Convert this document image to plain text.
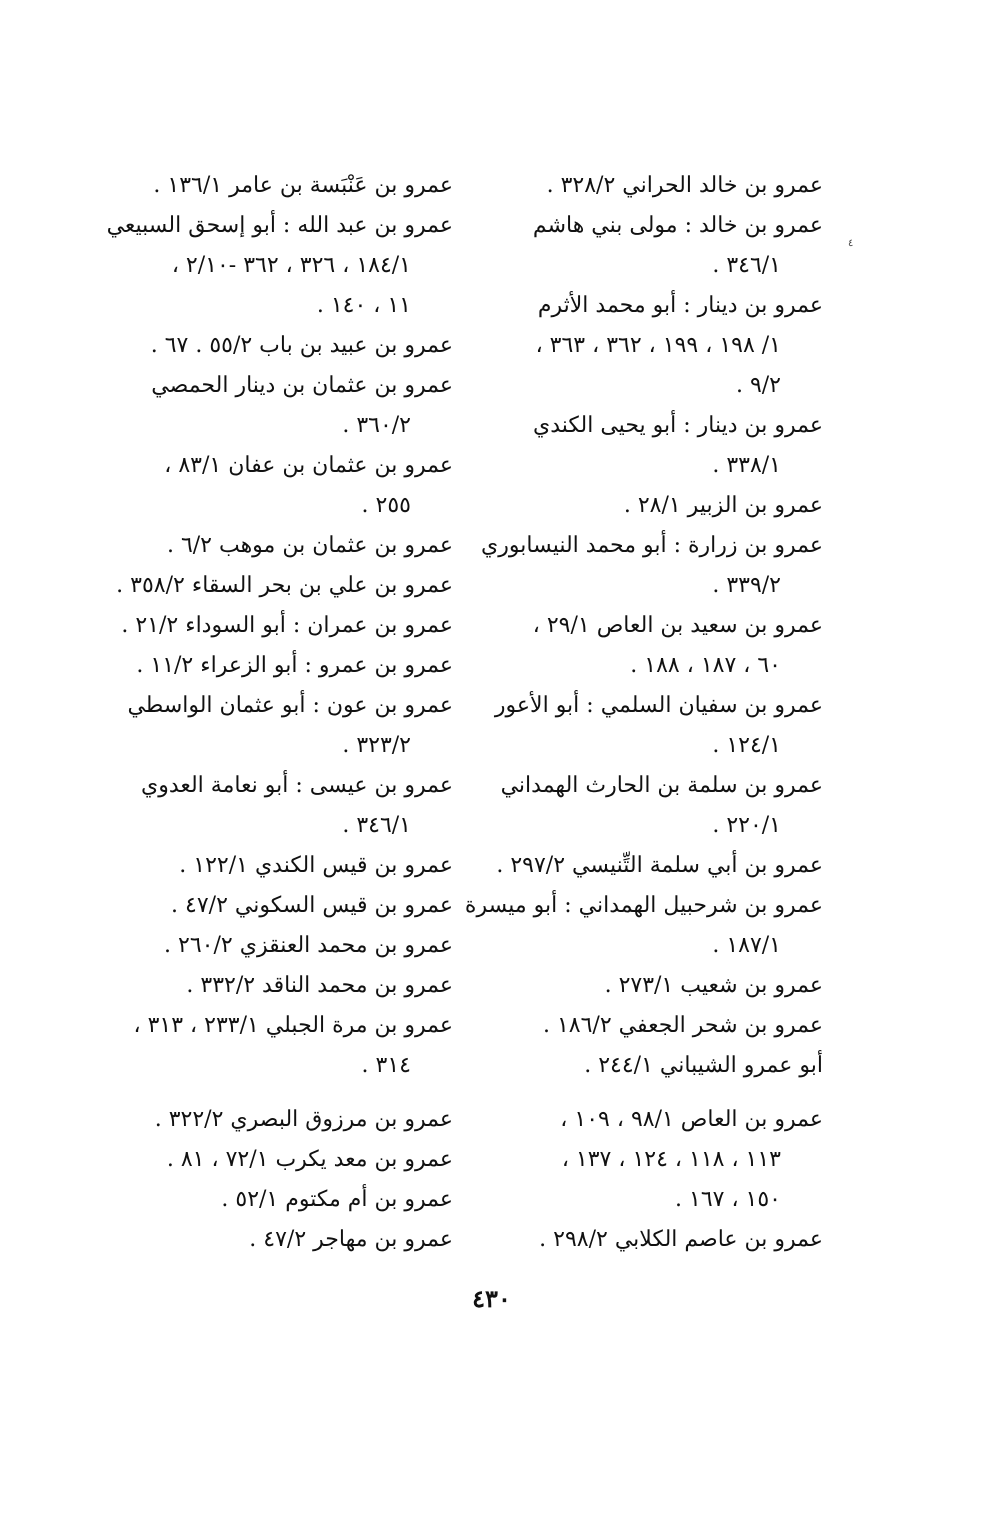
عمرو بن خالد الحراني ٣٢٨/٢ .
عمرو بن خالد : مولى بني هاشم
٣٤٦/١ .
عمرو بن دينار : أبو محمد الأثرم
١/ ١٩٨ ، ١٩٩ ، ٣٦٢ ، ٣٦٣ ،
٩/٢ .
عمرو بن دينار : أبو يحيى الكندي
٣٣٨/١ .
عمرو بن الزبير ٢٨/١ .
عمرو بن زرارة : أبو محمد النيسابوري
٣٣٩/٢ .
عمرو بن سعيد بن العاص ٢٩/١ ،
٦٠ ، ١٨٧ ، ١٨٨ .
عمرو بن سفيان السلمي : أبو الأعور
١٢٤/١ .
عمرو بن سلمة بن الحارث الهمداني
٢٢٠/١ .
عمرو بن أبي سلمة التِّنيسي ٢٩٧/٢ .
عمرو بن شرحبيل الهمداني : أبو ميسرة
١٨٧/١ .
عمرو بن شعيب ٢٧٣/١ .
عمرو بن شحر الجعفي ١٨٦/٢ .
أبو عمرو الشيباني ٢٤٤/١ .
عمرو بن العاص ٩٨/١ ، ١٠٩ ،
١١٣ ، ١١٨ ، ١٢٤ ، ١٣٧ ،
١٥٠ ، ١٦٧ .
عمرو بن عاصم الكلابي ٢٩٨/٢ .
عمرو بن عَنْبَسة بن عامر ١٣٦/١ .
عمرو بن عبد الله : أبو إسحق السبيعي
١٨٤/١ ، ٣٢٦ ، ٣٦٢ -٢/١٠ ،
١١ ، ١٤٠ .
عمرو بن عبيد بن باب ٥٥/٢ . ٦٧ .
عمرو بن عثمان بن دينار الحمصي
٣٦٠/٢ .
عمرو بن عثمان بن عفان ٨٣/١ ،
٢٥٥ .
عمرو بن عثمان بن موهب ٦/٢ .
عمرو بن علي بن بحر السقاء ٣٥٨/٢ .
عمرو بن عمران : أبو السوداء ٢١/٢ .
عمرو بن عمرو : أبو الزعراء ١١/٢ .
عمرو بن عون : أبو عثمان الواسطي
٣٢٣/٢ .
عمرو بن عيسى : أبو نعامة العدوي
٣٤٦/١ .
عمرو بن قيس الكندي ١٢٢/١ .
عمرو بن قيس السكوني ٤٧/٢ .
عمرو بن محمد العنقزي ٢٦٠/٢ .
عمرو بن محمد الناقد ٣٣٢/٢ .
عمرو بن مرة الجبلي ٢٣٣/١ ، ٣١٣ ،
٣١٤ .
عمرو بن مرزوق البصري ٣٢٢/٢ .
عمرو بن معد يكرب ٧٢/١ ، ٨١ .
عمرو بن أم مكتوم ٥٢/١ .
عمرو بن مهاجر ٤٧/٢ .
٤٣٠
٤
